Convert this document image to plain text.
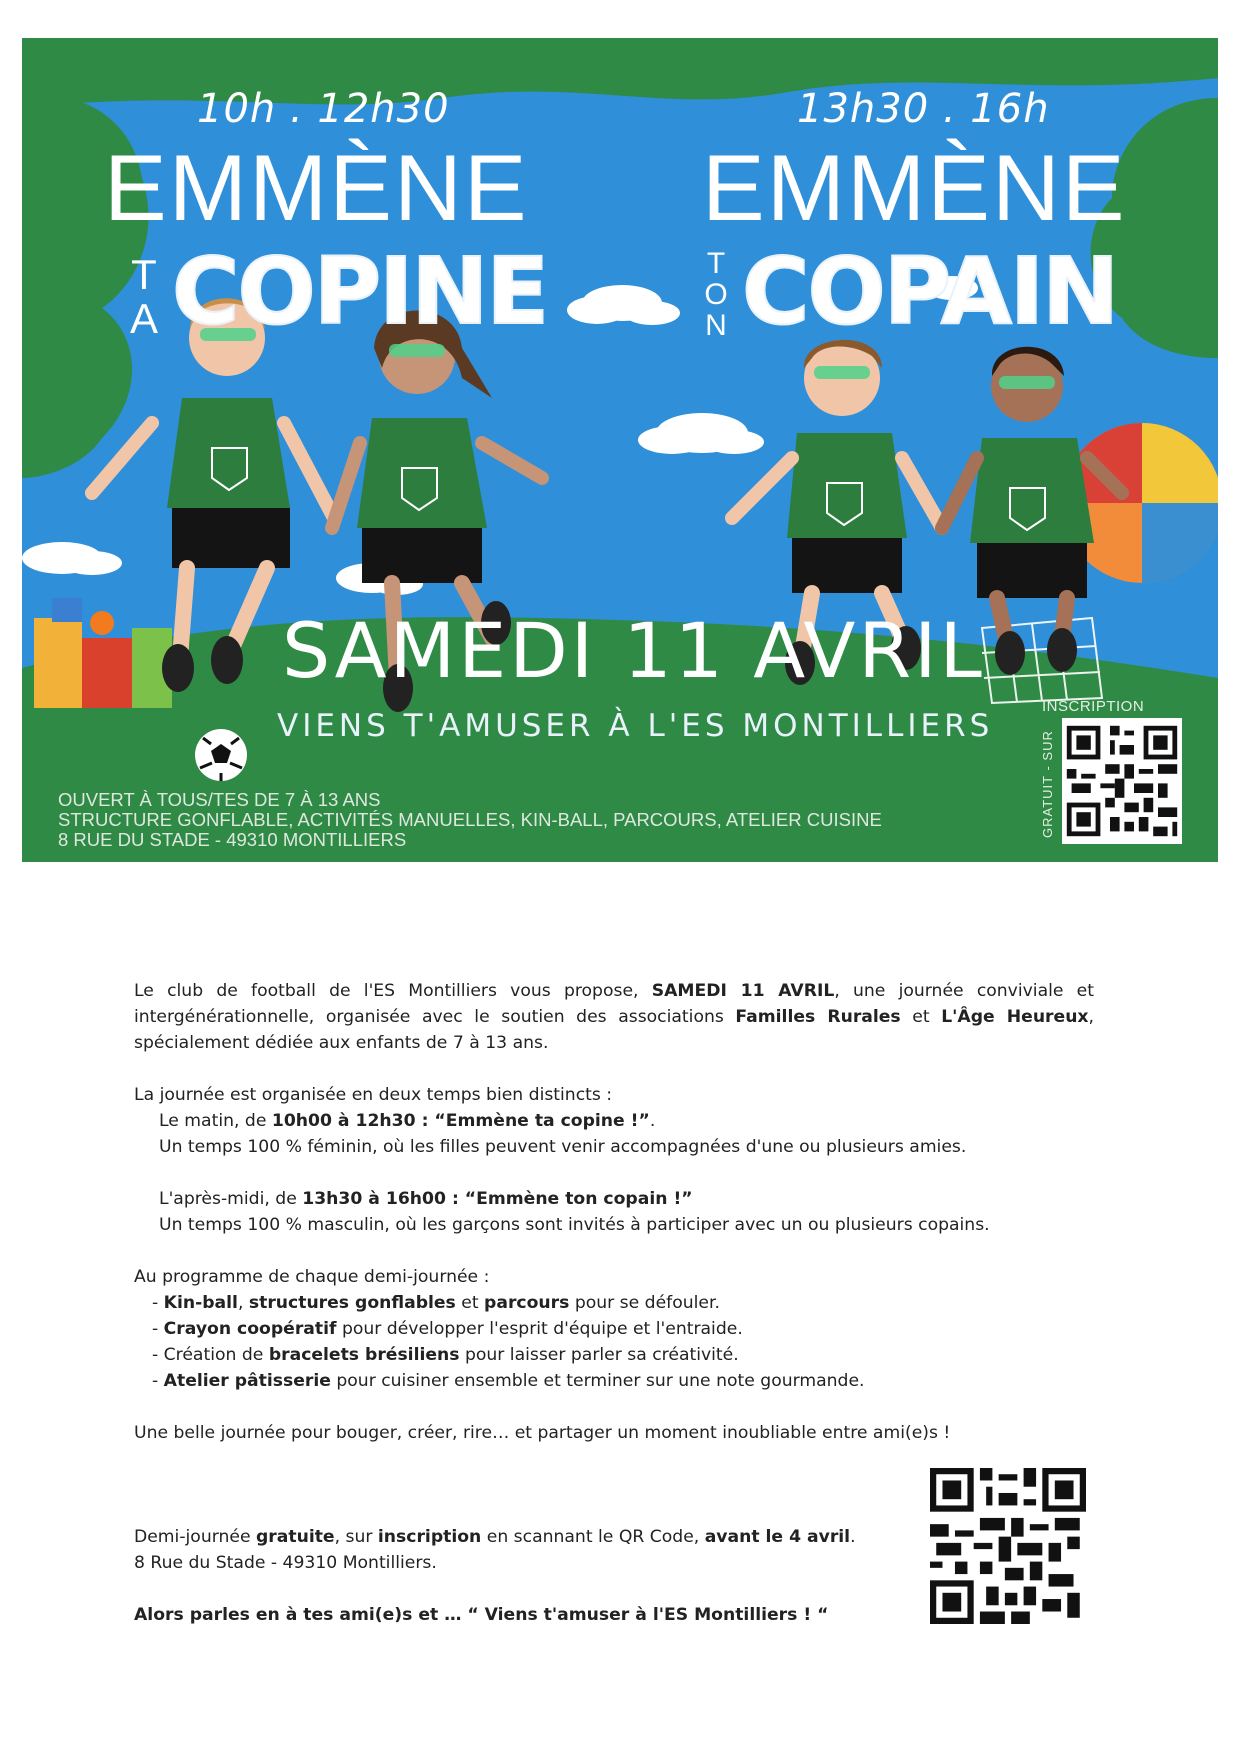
10h . 12h30	13h30 . 16h
EMMÈNE EMMÈNE
T
A
T
O
N
COPINE COPAIN
SAMEDI 11 AVRIL
VIENS T'AMUSER À L'ES MONTILLIERS
OUVERT À TOUS/TES DE 7 À 13 ANS
STRUCTURE GONFLABLE, ACTIVITÉS MANUELLES, KIN-BALL, PARCOURS, ATELIER CUISINE
8 RUE DU STADE - 49310 MONTILLIERS
INSCRIPTION
GRATUIT - SUR

Le club de football de l'ES Montilliers vous propose, SAMEDI 11 AVRIL, une journée conviviale et intergénérationnelle, organisée avec le soutien des associations Familles Rurales et L'Âge Heureux, spécialement dédiée aux enfants de 7 à 13 ans.

La journée est organisée en deux temps bien distincts :

Le matin, de 10h00 à 12h30 : “Emmène ta copine !”.

Un temps 100 % féminin, où les filles peuvent venir accompagnées d'une ou plusieurs amies.

L'après-midi, de 13h30 à 16h00 : “Emmène ton copain !”

Un temps 100 % masculin, où les garçons sont invités à participer avec un ou plusieurs copains.

Au programme de chaque demi-journée :

- Kin-ball, structures gonflables et parcours pour se défouler.

- Crayon coopératif pour développer l'esprit d'équipe et l'entraide.

- Création de bracelets brésiliens pour laisser parler sa créativité.

- Atelier pâtisserie pour cuisiner ensemble et terminer sur une note gourmande.

Une belle journée pour bouger, créer, rire… et partager un moment inoubliable entre ami(e)s !

Demi-journée gratuite, sur inscription en scannant le QR Code, avant le 4 avril.

8 Rue du Stade - 49310 Montilliers.

Alors parles en à tes ami(e)s et … “ Viens t'amuser à l'ES Montilliers ! “
